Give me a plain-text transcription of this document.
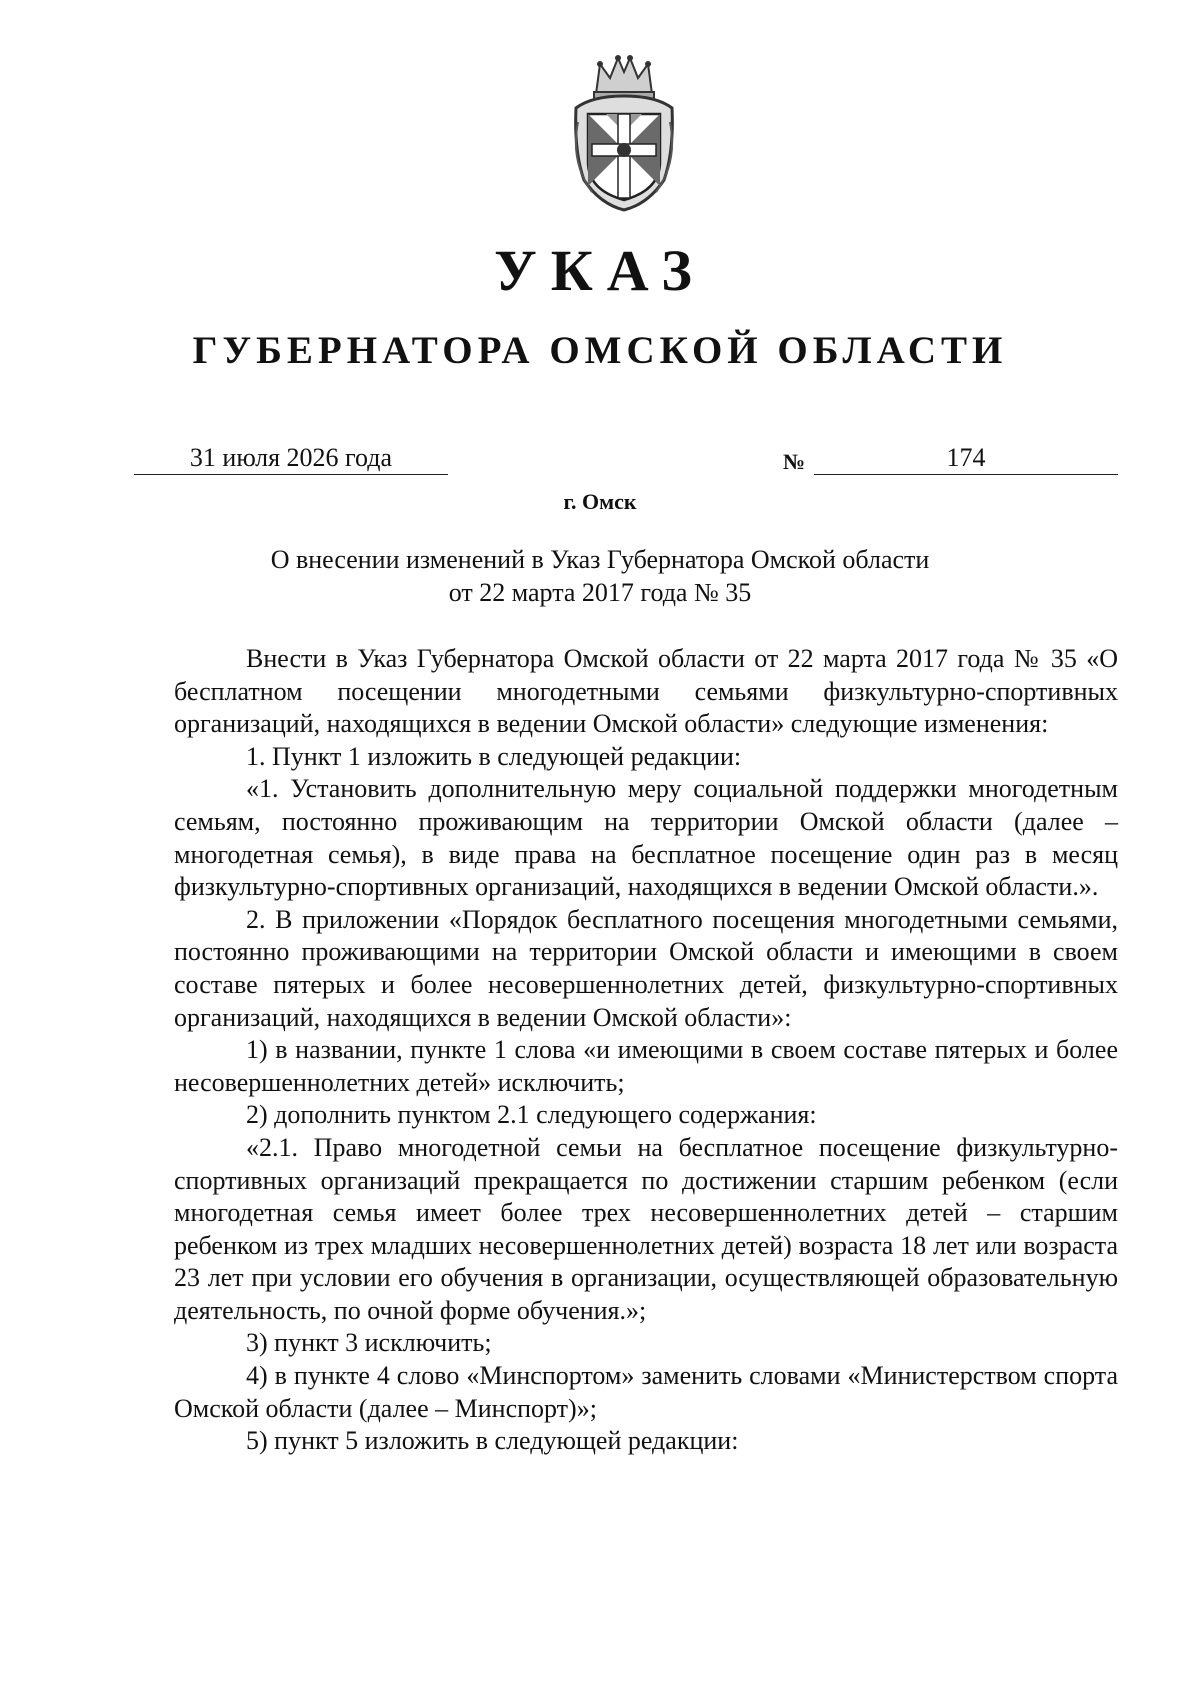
УКАЗ
ГУБЕРНАТОРА ОМСКОЙ ОБЛАСТИ
31 июля 2026 года	№	174
г. Омск

О внесении изменений в Указ Губернатора Омской области
от 22 марта 2017 года № 35

Внести в Указ Губернатора Омской области от 22 марта 2017 года № 35 «О бесплатном посещении многодетными семьями физкультурно-спортивных организаций, находящихся в ведении Омской области» следующие изменения:

1. Пункт 1 изложить в следующей редакции:

«1. Установить дополнительную меру социальной поддержки многодетным семьям, постоянно проживающим на территории Омской области (далее – многодетная семья), в виде права на бесплатное посещение один раз в месяц физкультурно-спортивных организаций, находящихся в ведении Омской области.».

2. В приложении «Порядок бесплатного посещения многодетными семьями, постоянно проживающими на территории Омской области и имеющими в своем составе пятерых и более несовершеннолетних детей, физкультурно-спортивных организаций, находящихся в ведении Омской области»:

1) в названии, пункте 1 слова «и имеющими в своем составе пятерых и более несовершеннолетних детей» исключить;

2) дополнить пунктом 2.1 следующего содержания:

«2.1. Право многодетной семьи на бесплатное посещение физкультурно-спортивных организаций прекращается по достижении старшим ребенком (если многодетная семья имеет более трех несовершеннолетних детей – старшим ребенком из трех младших несовершеннолетних детей) возраста 18 лет или возраста 23 лет при условии его обучения в организации, осуществляющей образовательную деятельность, по очной форме обучения.»;

3) пункт 3 исключить;

4) в пункте 4 слово «Минспортом» заменить словами «Министерством спорта Омской области (далее – Минспорт)»;

5) пункт 5 изложить в следующей редакции:
